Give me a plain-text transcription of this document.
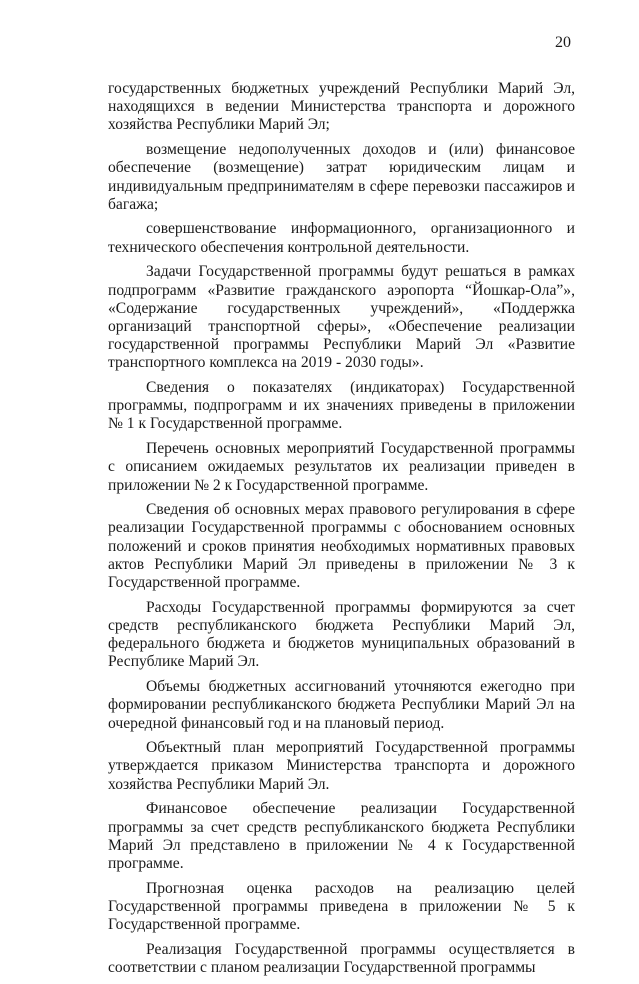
20

государственных бюджетных учреждений Республики Марий Эл, находящихся в ведении Министерства транспорта и дорожного хозяйства Республики Марий Эл;

возмещение недополученных доходов и (или) финансовое обеспечение (возмещение) затрат юридическим лицам и индивидуальным предпринимателям в сфере перевозки пассажиров и багажа;

совершенствование информационного, организационного и технического обеспечения контрольной деятельности.

Задачи Государственной программы будут решаться в рамках подпрограмм «Развитие гражданского аэропорта “Йошкар-Ола”», «Содержание государственных учреждений», «Поддержка организаций транспортной сферы», «Обеспечение реализации государственной программы Республики Марий Эл «Развитие транспортного комплекса на 2019 - 2030 годы».

Сведения о показателях (индикаторах) Государственной программы, подпрограмм и их значениях приведены в приложении № 1 к Государственной программе.

Перечень основных мероприятий Государственной программы с описанием ожидаемых результатов их реализации приведен в приложении № 2 к Государственной программе.

Сведения об основных мерах правового регулирования в сфере реализации Государственной программы с обоснованием основных положений и сроков принятия необходимых нормативных правовых актов Республики Марий Эл приведены в приложении № 3 к Государственной программе.

Расходы Государственной программы формируются за счет средств республиканского бюджета Республики Марий Эл, федерального бюджета и бюджетов муниципальных образований в Республике Марий Эл.

Объемы бюджетных ассигнований уточняются ежегодно при формировании республиканского бюджета Республики Марий Эл на очередной финансовый год и на плановый период.

Объектный план мероприятий Государственной программы утверждается приказом Министерства транспорта и дорожного хозяйства Республики Марий Эл.

Финансовое обеспечение реализации Государственной программы за счет средств республиканского бюджета Республики Марий Эл представлено в приложении № 4 к Государственной программе.

Прогнозная оценка расходов на реализацию целей Государственной программы приведена в приложении № 5 к Государственной программе.

Реализация Государственной программы осуществляется в соответствии с планом реализации Государственной программы
